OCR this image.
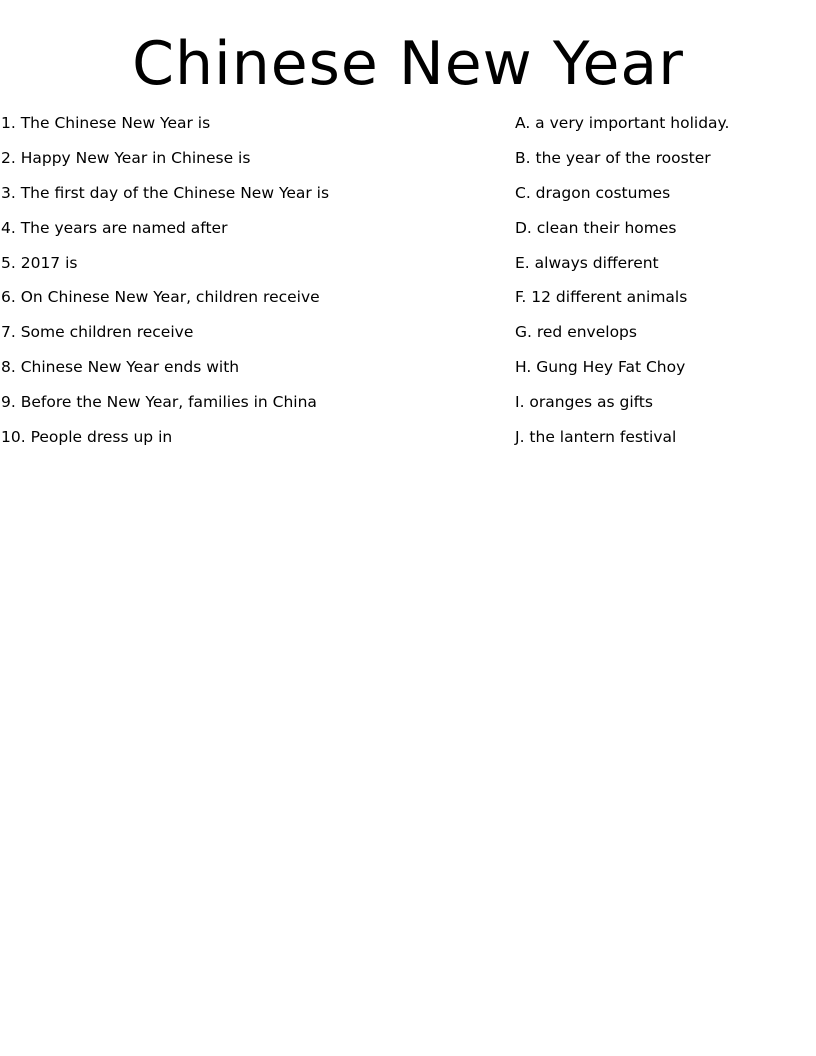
Chinese New Year
1. The Chinese New Year is
2. Happy New Year in Chinese is
3. The first day of the Chinese New Year is
4. The years are named after
5. 2017 is
6. On Chinese New Year, children receive
7. Some children receive
8. Chinese New Year ends with
9. Before the New Year, families in China
10. People dress up in
A. a very important holiday.
B. the year of the rooster
C. dragon costumes
D. clean their homes
E. always different
F. 12 different animals
G. red envelops
H. Gung Hey Fat Choy
I. oranges as gifts
J. the lantern festival
